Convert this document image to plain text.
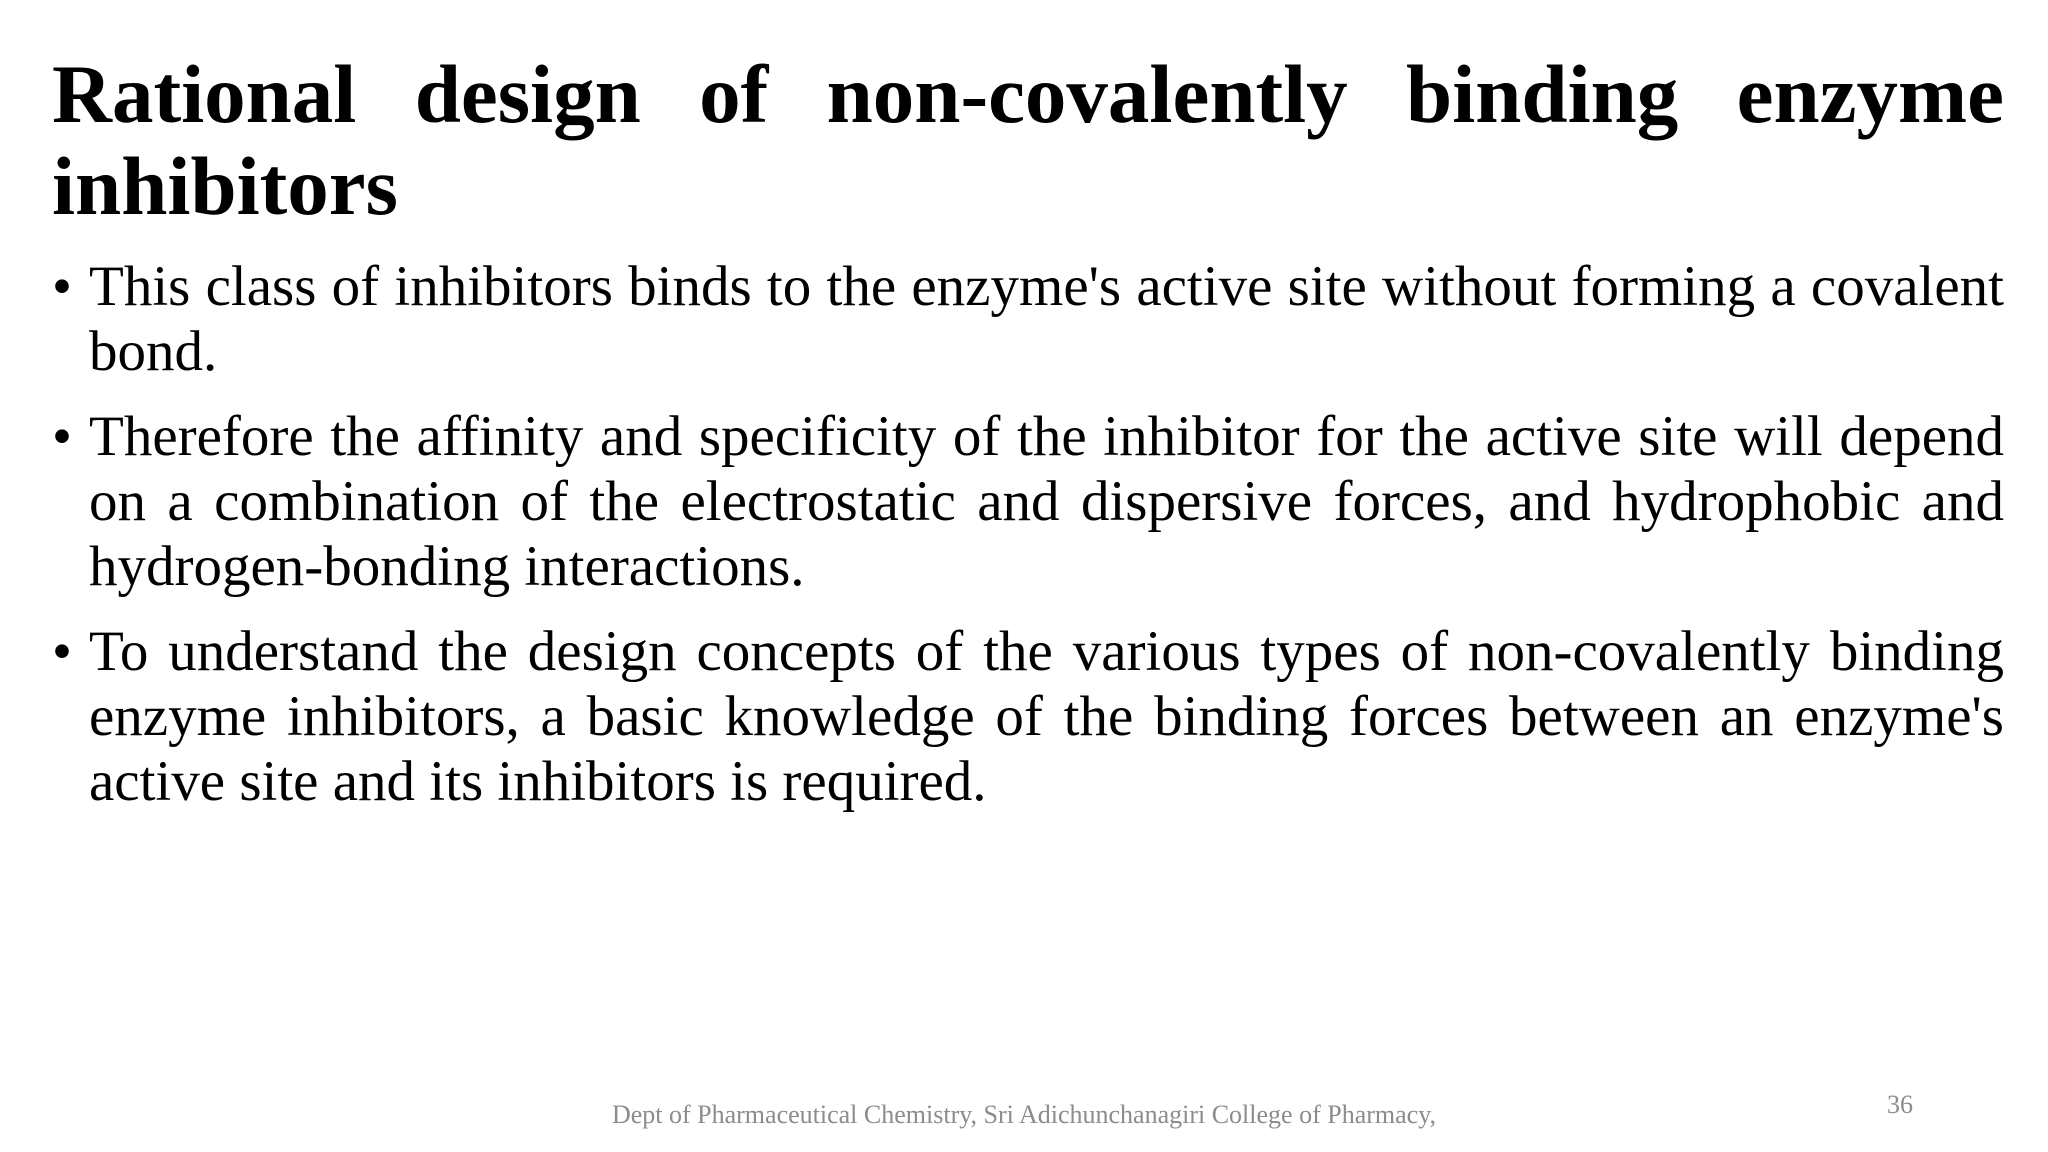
Rational design of non-covalently binding enzyme inhibitors
• This class of inhibitors binds to the enzyme's active site without forming a covalent bond.
• Therefore the affinity and specificity of the inhibitor for the active site will depend on a combination of the electrostatic and dispersive forces, and hydrophobic and hydrogen-bonding interactions.
• To understand the design concepts of the various types of non-covalently binding enzyme inhibitors, a basic knowledge of the binding forces between an enzyme's active site and its inhibitors is required.
Dept of Pharmaceutical Chemistry, Sri Adichunchanagiri College of Pharmacy,	36
